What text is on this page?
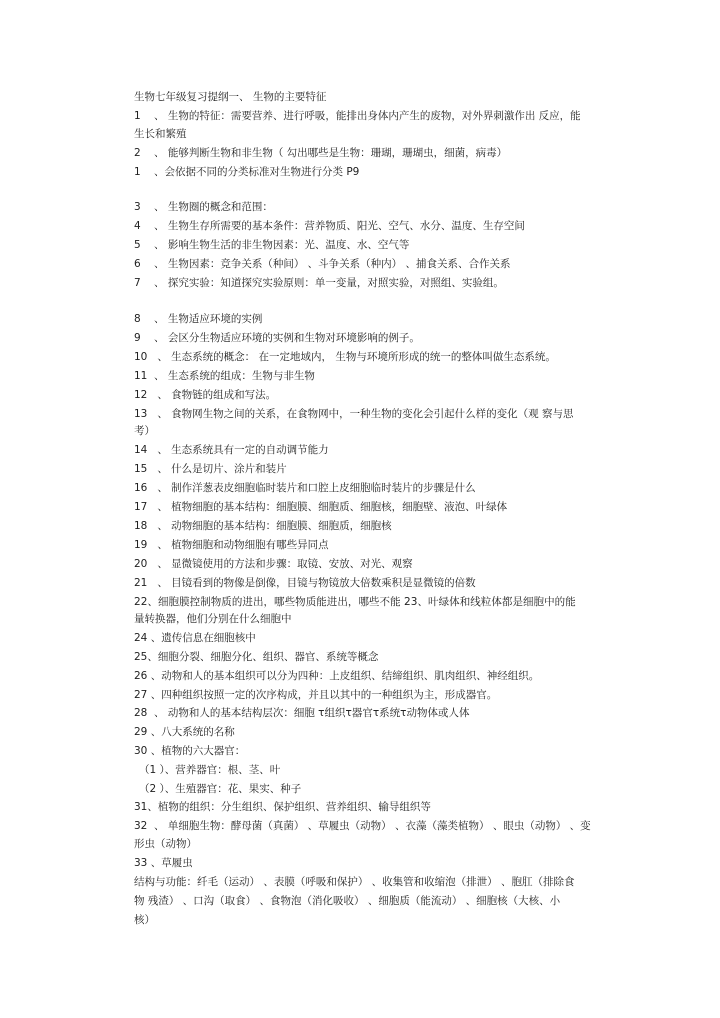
生物七年级复习提纲一、 生物的主要特征
1、 生物的特征：需要营养、进行呼吸，能排出身体内产生的废物，对外界刺激作出 反应，能
生长和繁殖
2、 能够判断生物和非生物（ 勾出哪些是生物：珊瑚，珊瑚虫，细菌，病毒）
1、会依据不同的分类标准对生物进行分类 P9
3、 生物圈的概念和范围：
4、 生物生存所需要的基本条件：营养物质、阳光、空气、水分、温度、生存空间
5、 影响生物生活的非生物因素：光、温度、水、空气等
6、 生物因素：竞争关系（种间） 、斗争关系（种内） 、捕食关系、合作关系
7、 探究实验：知道探究实验原则：单一变量，对照实验，对照组、实验组。
8、 生物适应环境的实例
9、 会区分生物适应环境的实例和生物对环境影响的例子。
10 、 生态系统的概念： 在一定地域内， 生物与环境所形成的统一的整体叫做生态系统。
11 、 生态系统的组成：生物与非生物
12 、 食物链的组成和写法。
13 、 食物网生物之间的关系，在食物网中，一种生物的变化会引起什么样的变化（观 察与思
考）
14 、 生态系统具有一定的自动调节能力
15 、 什么是切片、涂片和装片
16 、 制作洋葱表皮细胞临时装片和口腔上皮细胞临时装片的步骤是什么
17 、 植物细胞的基本结构：细胞膜、细胞质、细胞核，细胞壁、液泡、叶绿体
18 、 动物细胞的基本结构：细胞膜、细胞质，细胞核
19 、 植物细胞和动物细胞有哪些异同点
20 、 显微镜使用的方法和步骤：取镜、安放、对光、观察
21 、 目镜看到的物像是倒像，目镜与物镜放大倍数乘积是显微镜的倍数
22、细胞膜控制物质的进出，哪些物质能进出，哪些不能 23、叶绿体和线粒体都是细胞中的能
量转换器，他们分别在什么细胞中
24 、遗传信息在细胞核中
25、细胞分裂、细胞分化、组织、器官、系统等概念
26 、动物和人的基本组织可以分为四种：上皮组织、结缔组织、肌肉组织、神经组织。
27 、四种组织按照一定的次序构成，并且以其中的一种组织为主，形成器官。
28 、 动物和人的基本结构层次：细胞 τ组织τ器官τ系统τ动物体或人体
29 、八大系统的名称
30 、植物的六大器官：
（1 ）、营养器官：根、茎、叶
（2 ）、生殖器官：花、果实、种子
31、植物的组织：分生组织、保护组织、营养组织、输导组织等
32 、 单细胞生物：酵母菌（真菌） 、草履虫（动物） 、衣藻（藻类植物） 、眼虫（动物） 、变
形虫（动物）
33 、草履虫
结构与功能：纤毛（运动） 、表膜（呼吸和保护） 、收集管和收缩泡（排泄） 、胞肛（排除食
物 残渣） 、口沟（取食） 、食物泡（消化吸收） 、细胞质（能流动） 、细胞核（大核、小
核）
